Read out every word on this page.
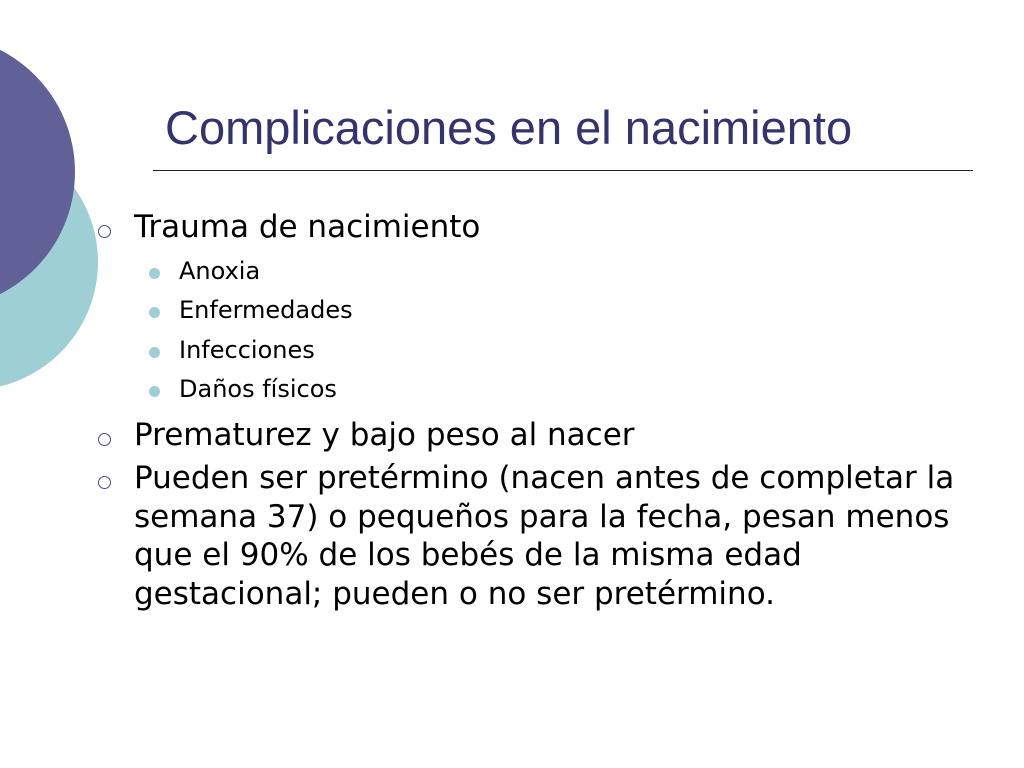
Complicaciones en el nacimiento
Trauma de nacimiento
Anoxia
Enfermedades
Infecciones
Daños físicos
Prematurez y bajo peso al nacer
Pueden ser pretérmino (nacen antes de completar la semana 37) o pequeños para la fecha, pesan menos que el 90% de los bebés de la misma edad gestacional; pueden o no ser pretérmino.
